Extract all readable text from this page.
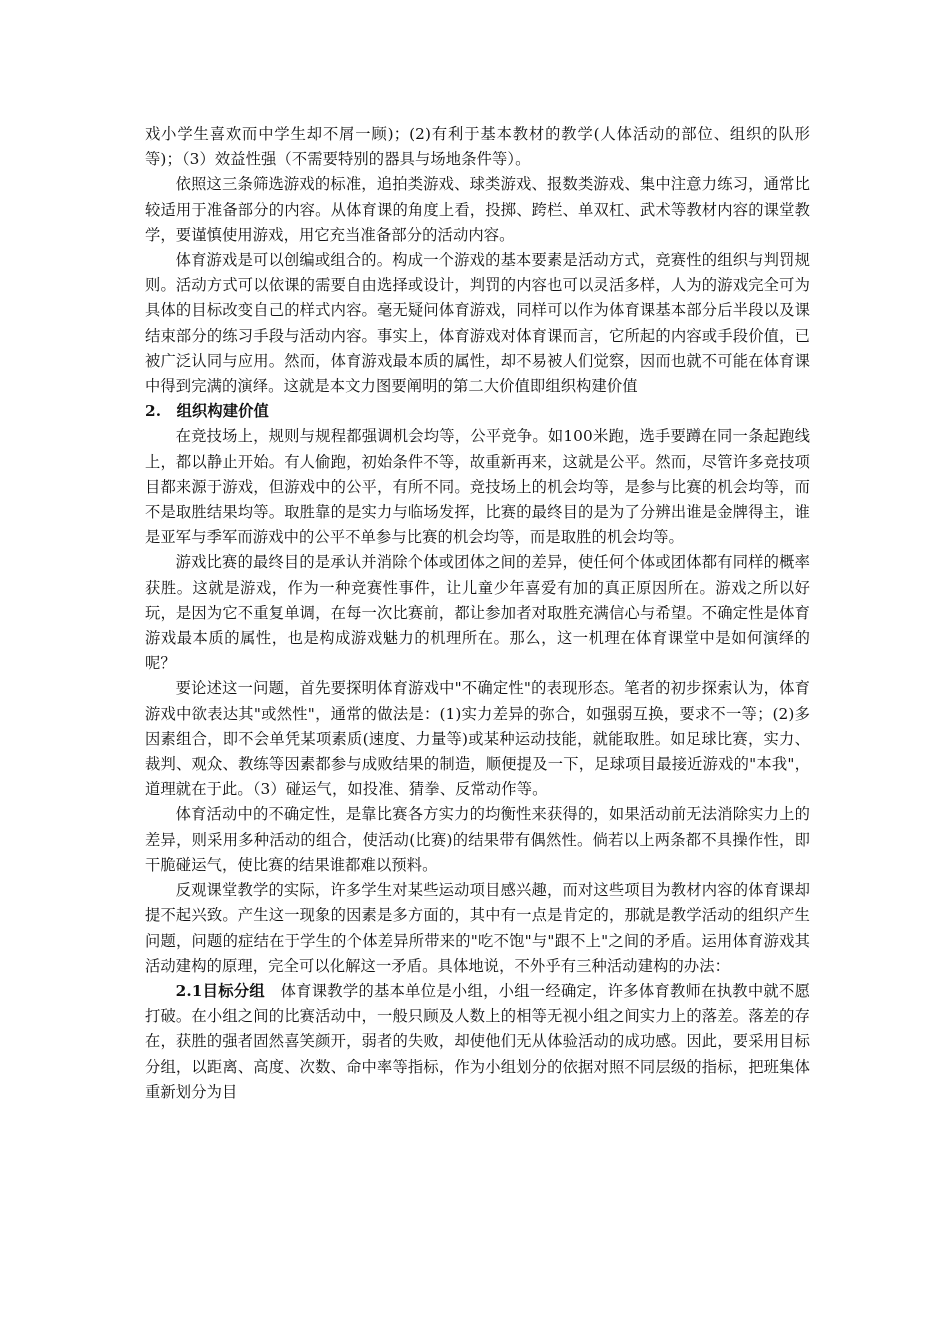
戏小学生喜欢而中学生却不屑一顾)；(2)有利于基本教材的教学(人体活动的部位、组织的队形等)；（3）效益性强（不需要特别的器具与场地条件等）。

依照这三条筛选游戏的标准，追拍类游戏、球类游戏、报数类游戏、集中注意力练习，通常比较适用于准备部分的内容。从体育课的角度上看，投掷、跨栏、单双杠、武术等教材内容的课堂教学，要谨慎使用游戏，用它充当准备部分的活动内容。

体育游戏是可以创编或组合的。构成一个游戏的基本要素是活动方式，竞赛性的组织与判罚规则。活动方式可以依课的需要自由选择或设计，判罚的内容也可以灵活多样，人为的游戏完全可为具体的目标改变自己的样式内容。毫无疑问体育游戏，同样可以作为体育课基本部分后半段以及课结束部分的练习手段与活动内容。事实上，体育游戏对体育课而言，它所起的内容或手段价值，已被广泛认同与应用。然而，体育游戏最本质的属性，却不易被人们觉察，因而也就不可能在体育课中得到完满的演绎。这就是本文力图要阐明的第二大价值即组织构建价值

2.　组织构建价值

在竞技场上，规则与规程都强调机会均等，公平竞争。如100米跑，选手要蹲在同一条起跑线上，都以静止开始。有人偷跑，初始条件不等，故重新再来，这就是公平。然而，尽管许多竞技项目都来源于游戏，但游戏中的公平，有所不同。竞技场上的机会均等，是参与比赛的机会均等，而不是取胜结果均等。取胜靠的是实力与临场发挥，比赛的最终目的是为了分辨出谁是金牌得主，谁是亚军与季军而游戏中的公平不单参与比赛的机会均等，而是取胜的机会均等。

游戏比赛的最终目的是承认并消除个体或团体之间的差异，使任何个体或团体都有同样的概率获胜。这就是游戏，作为一种竞赛性事件，让儿童少年喜爱有加的真正原因所在。游戏之所以好玩，是因为它不重复单调，在每一次比赛前，都让参加者对取胜充满信心与希望。不确定性是体育游戏最本质的属性，也是构成游戏魅力的机理所在。那么，这一机理在体育课堂中是如何演绎的呢？

要论述这一问题，首先要探明体育游戏中"不确定性"的表现形态。笔者的初步探索认为，体育游戏中欲表达其"或然性"，通常的做法是：(1)实力差异的弥合，如强弱互换，要求不一等；(2)多因素组合，即不会单凭某项素质(速度、力量等)或某种运动技能，就能取胜。如足球比赛，实力、裁判、观众、教练等因素都参与成败结果的制造，顺便提及一下，足球项目最接近游戏的"本我"，道理就在于此。（3）碰运气，如投准、猜拳、反常动作等。

体育活动中的不确定性，是靠比赛各方实力的均衡性来获得的，如果活动前无法消除实力上的差异，则采用多种活动的组合，使活动(比赛)的结果带有偶然性。倘若以上两条都不具操作性，即干脆碰运气，使比赛的结果谁都难以预料。

反观课堂教学的实际，许多学生对某些运动项目感兴趣，而对这些项目为教材内容的体育课却提不起兴致。产生这一现象的因素是多方面的，其中有一点是肯定的，那就是教学活动的组织产生问题，问题的症结在于学生的个体差异所带来的"吃不饱"与"跟不上"之间的矛盾。运用体育游戏其活动建构的原理，完全可以化解这一矛盾。具体地说，不外乎有三种活动建构的办法：

2.1目标分组　体育课教学的基本单位是小组，小组一经确定，许多体育教师在执教中就不愿打破。在小组之间的比赛活动中，一般只顾及人数上的相等无视小组之间实力上的落差。落差的存在，获胜的强者固然喜笑颜开，弱者的失败，却使他们无从体验活动的成功感。因此，要采用目标分组，以距离、高度、次数、命中率等指标，作为小组划分的依据对照不同层级的指标，把班集体重新划分为目
